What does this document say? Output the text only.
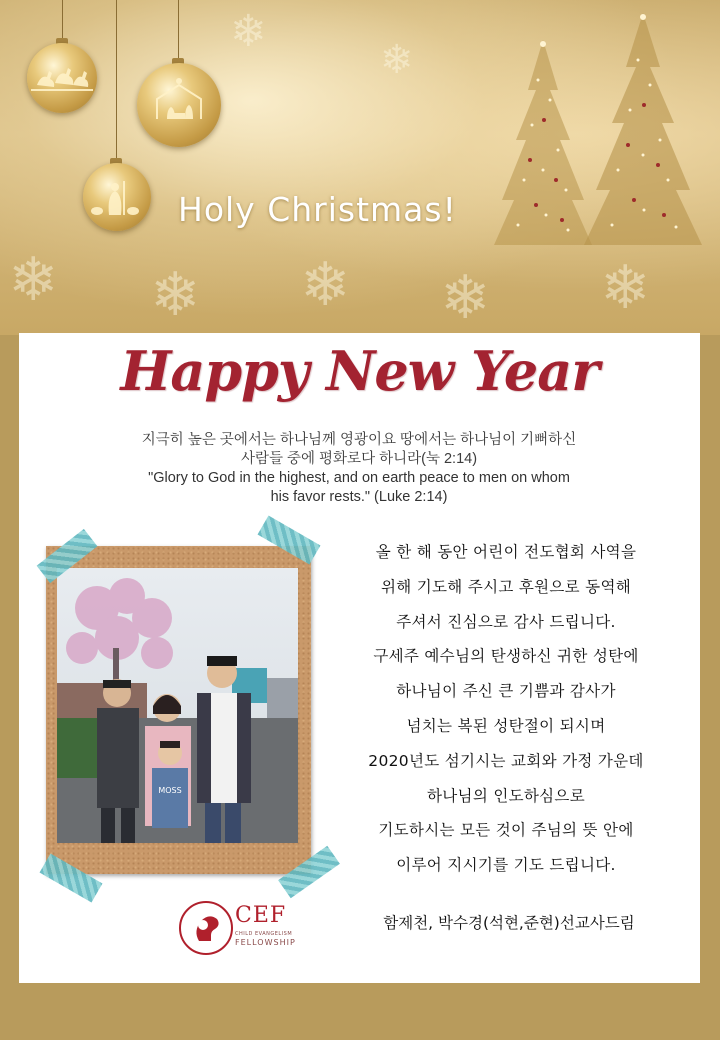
❄ ❄ ❄ ❄ ❄
❄
❄
Holy Christmas!
Happy New Year
지극히 높은 곳에서는 하나님께 영광이요 땅에서는 하나님이 기뻐하신
사람들 중에 평화로다 하니라(눅 2:14)
"Glory to God in the highest, and on earth peace to men on whom
his favor rests." (Luke 2:14)
MOSS
올 한 해 동안 어린이 전도협회 사역을
위해 기도해 주시고 후원으로 동역해
주셔서 진심으로 감사 드립니다.
구세주 예수님의 탄생하신 귀한 성탄에
하나님이 주신 큰 기쁨과 감사가
넘치는 복된 성탄절이 되시며
2020년도 섬기시는 교회와 가정 가운데
하나님의 인도하심으로
기도하시는 모든 것이 주님의 뜻 안에
이루어 지시기를 기도 드립니다.
CEF
CHILD EVANGELISM
FELLOWSHIP
함제천, 박수경(석현,준현)선교사드림
